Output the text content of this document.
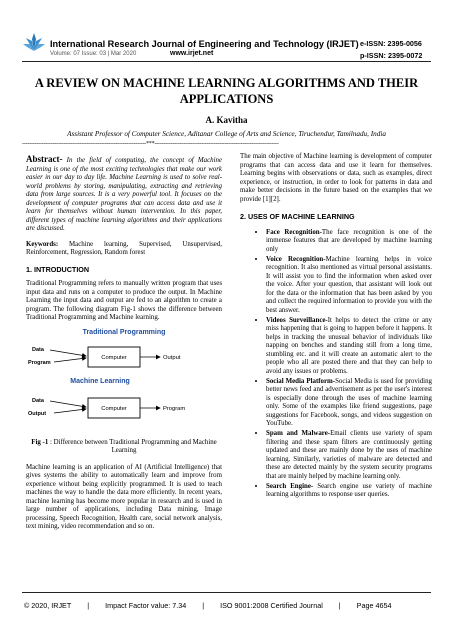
International Research Journal of Engineering and Technology (IRJET) e-ISSN: 2395-0056
Volume: 07 Issue: 03 | Mar 2020	www.irjet.net	p-ISSN: 2395-0072
A REVIEW ON MACHINE LEARNING ALGORITHMS AND THEIR APPLICATIONS
A. Kavitha
Assistant Professor of Computer Science, Aditanar College of Arts and Science, Tiruchendur, Tamilnadu, India
---------------------------------------------------------------------***---------------------------------------------------------------------

Abstract- In the field of computing, the concept of Machine Learning is one of the most exciting technologies that make our work easier in our day to day life. Machine Learning is used to solve real-world problems by storing, manipulating, extracting and retrieving data from large sources. It is a very powerful tool. It focuses on the development of computer programs that can access data and use it learn for themselves without human intervention. In this paper, different types of machine learning algorithms and their applications are discussed.

Keywords: Machine learning, Supervised, Unsupervised, Reinforcement, Regression, Random forest

1. INTRODUCTION

Traditional Programming refers to manually written program that uses input data and runs on a computer to produce the output. In Machine Learning the input data and output are fed to an algorithm to create a program. The following diagram Fig-1 shows the difference between Traditional Programming and Machine learning.

Traditional Programming
Data
Program
Computer	Output
Machine Learning
Data
Output
Computer	Program
Fig -1 : Difference between Traditional Programming and Machine Learning

Machine learning is an application of AI (Artificial Intelligence) that gives systems the ability to automatically learn and improve from experience without being explicitly programmed. It is used to teach machines the way to handle the data more efficiently. In recent years, machine learning has become more popular in research and is used in large number of applications, including Data mining, Image processing, Speech Recognition, Health care, social network analysis, text mining, video recommendation and so on.

The main objective of Machine learning is development of computer programs that can access data and use it learn for themselves. Learning begins with observations or data, such as examples, direct experience, or instruction, in order to look for patterns in data and make better decisions in the future based on the examples that we provide [1][2].

2. USES OF MACHINE LEARNING
• Face Recognition-The face recognition is one of the immense features that are developed by machine learning only
• Voice Recognition-Machine learning helps in voice recognition. It also mentioned as virtual personal assistants. It will assist you to find the information when asked over the voice. After your question, that assistant will look out for the data or the information that has been asked by you and collect the required information to provide you with the best answer.
• Videos Surveillance-It helps to detect the crime or any miss happening that is going to happen before it happens. It helps in tracking the unusual behavior of individuals like napping on benches and standing still from a long time, stumbling etc. and it will create an automatic alert to the people who all are posted there and that they can help to avoid any issues or problems.
• Social Media Platform-Social Media is used for providing better news feed and advertisement as per the user's interest is especially done through the uses of machine learning only. Some of the examples like friend suggestions, page suggestions for Facebook, songs, and videos suggestion on YouTube.
• Spam and Malware-Email clients use variety of spam filtering and these spam filters are continuously getting updated and these are mainly done by the uses of machine learning. Similarly, varieties of malware are detected and these are detected mainly by the system security programs that are mainly helped by machine learning only.
• Search Engine- Search engine use variety of machine learning algorithms to response user queries.
© 2020, IRJET | Impact Factor value: 7.34 | ISO 9001:2008 Certified Journal | Page 4654
